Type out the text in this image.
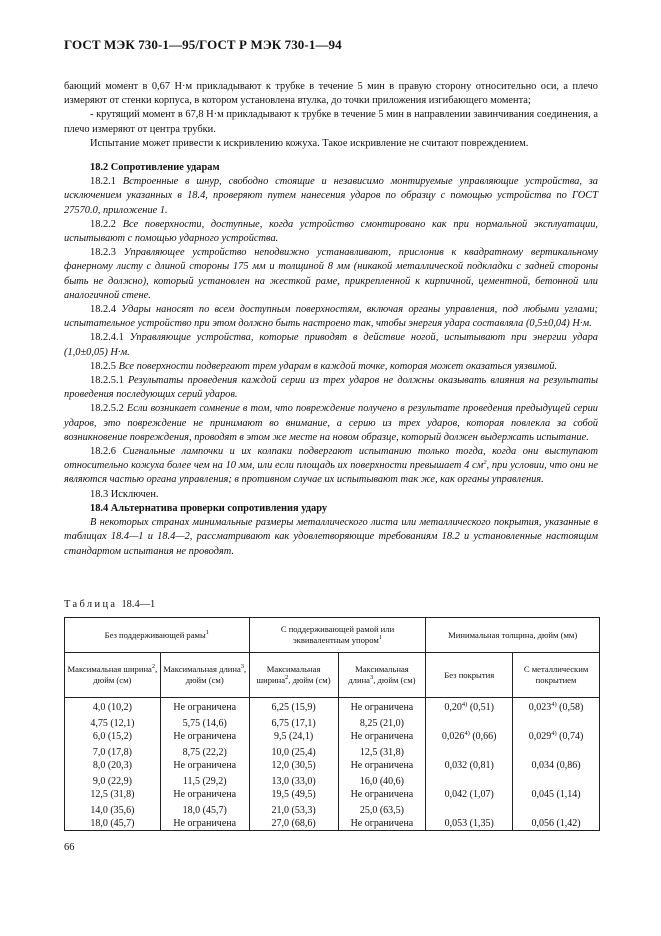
ГОСТ МЭК 730-1—95/ГОСТ Р МЭК 730-1—94

бающий момент в 0,67 Н·м прикладывают к трубке в течение 5 мин в правую сторону относительно оси, а плечо измеряют от стенки корпуса, в котором установлена втулка, до точки приложения изгибающего момента;

- крутящий момент в 67,8 Н·м прикладывают к трубке в течение 5 мин в направлении завинчивания соединения, а плечо измеряют от центра трубки.

Испытание может привести к искривлению кожуха. Такое искривление не считают повреждением.

18.2 Сопротивление ударам

18.2.1 Встроенные в шнур, свободно стоящие и независимо монтируемые управляющие устройства, за исключением указанных в 18.4, проверяют путем нанесения ударов по образцу с помощью устройства по ГОСТ 27570.0, приложение 1.

18.2.2 Все поверхности, доступные, когда устройство смонтировано как при нормальной эксплуатации, испытывают с помощью ударного устройства.

18.2.3 Управляющее устройство неподвижно устанавливают, прислонив к квадратному вертикальному фанерному листу с длиной стороны 175 мм и толщиной 8 мм (никакой металлической подкладки с задней стороны быть не должно), который установлен на жесткой раме, прикрепленной к кирпичной, цементной, бетонной или аналогичной стене.

18.2.4 Удары наносят по всем доступным поверхностям, включая органы управления, под любыми углами; испытательное устройство при этом должно быть настроено так, чтобы энергия удара составляла (0,5±0,04) Н·м.

18.2.4.1 Управляющие устройства, которые приводят в действие ногой, испытывают при энергии удара (1,0±0,05) Н·м.

18.2.5 Все поверхности подвергают трем ударам в каждой точке, которая может оказаться уязвимой.

18.2.5.1 Результаты проведения каждой серии из трех ударов не должны оказывать влияния на результаты проведения последующих серий ударов.

18.2.5.2 Если возникает сомнение в том, что повреждение получено в результате проведения предыдущей серии ударов, это повреждение не принимают во внимание, а серию из трех ударов, которая повлекла за собой возникновение повреждения, проводят в этом же месте на новом образце, который должен выдержать испытание.

18.2.6 Сигнальные лампочки и их колпаки подвергают испытанию только тогда, когда они выступают относительно кожуха более чем на 10 мм, или если площадь их поверхности превышает 4 $см^2$, при условии, что они не являются частью органа управления; в противном случае их испытывают так же, как органы управления.

18.3 Исключен.

18.4 Альтернатива проверки сопротивления удару

В некоторых странах минимальные размеры металлического листа или металлического покрытия, указанные в таблицах 18.4—1 и 18.4—2, рассматривают как удовлетворяющие требованиям 18.2 и установленные настоящим стандартом испытания не проводят.

Таблица 18.4—1
Без поддерживающей рамы$^1$		С поддерживающей рамой или эквивалентным упором$^1$		Минимальная толщина, дюйм (мм)	
Максимальная ширина$^2$, дюйм (см)	Максимальная длина$^3$, дюйм (см)	Максимальная ширина$^2$, дюйм (см)	Максимальная длина$^3$, дюйм (см)	Без покрытия	С металлическим покрытием
4,0 (10,2)	Не ограничена	6,25 (15,9)	Не ограничена	0,20$^{4)}$ (0,51)	0,023$^{4)}$ (0,58)
4,75 (12,1)	5,75 (14,6)	6,75 (17,1)	8,25 (21,0)		
6,0 (15,2)	Не ограничена	9,5 (24,1)	Не ограничена	0,026$^{4)}$ (0,66)	0,029$^{4)}$ (0,74)
7,0 (17,8)	8,75 (22,2)	10,0 (25,4)	12,5 (31,8)		
8,0 (20,3)	Не ограничена	12,0 (30,5)	Не ограничена	0,032 (0,81)	0,034 (0,86)
9,0 (22,9)	11,5 (29,2)	13,0 (33,0)	16,0 (40,6)		
12,5 (31,8)	Не ограничена	19,5 (49,5)	Не ограничена	0,042 (1,07)	0,045 (1,14)
14,0 (35,6)	18,0 (45,7)	21,0 (53,3)	25,0 (63,5)		
18,0 (45,7)	Не ограничена	27,0 (68,6)	Не ограничена	0,053 (1,35)	0,056 (1,42)
66
